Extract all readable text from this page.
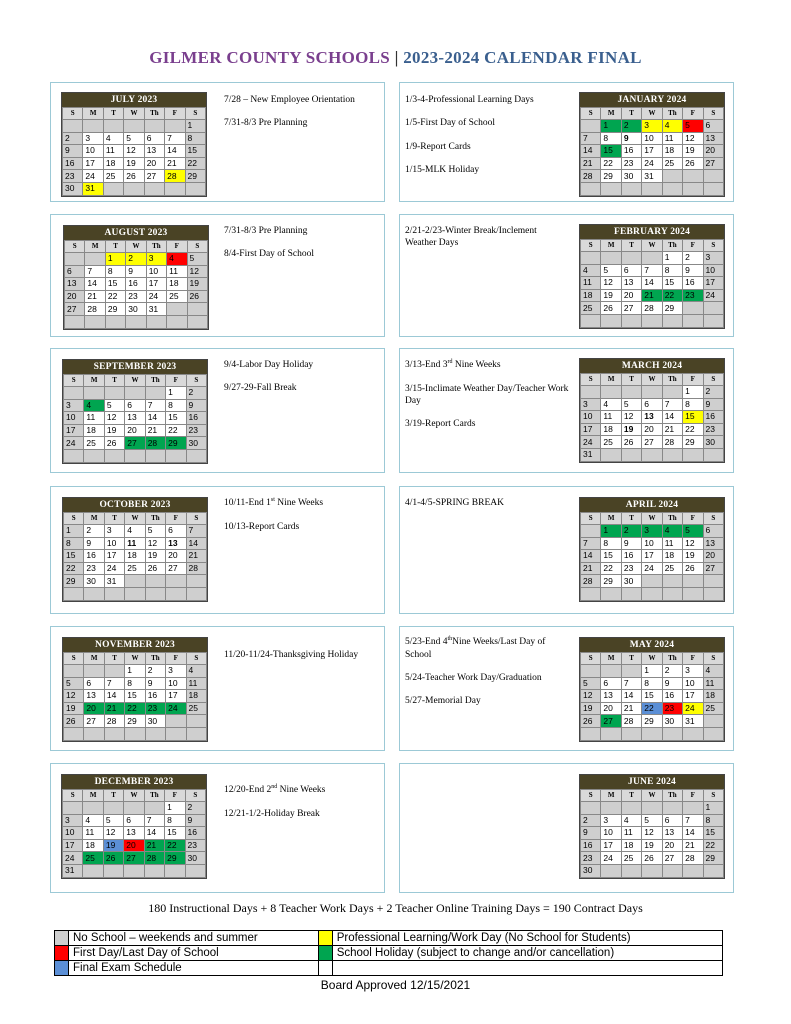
GILMER COUNTY SCHOOLS | 2023-2024 CALENDAR FINAL
JULY 2023
S	M	T	W	Th	F	S
						1
2	3	4	5	6	7	8
9	10	11	12	13	14	15
16	17	18	19	20	21	22
23	24	25	26	27	28	29
30	31					

7/28 – New Employee Orientation

7/31-8/3 Pre Planning

1/3-4-Professional Learning Days

1/5-First Day of School

1/9-Report Cards

1/15-MLK Holiday

JANUARY 2024
S	M	T	W	Th	F	S
	1	2	3	4	5	6
7	8	9	10	11	12	13
14	15	16	17	18	19	20
21	22	23	24	25	26	27
28	29	30	31			

AUGUST 2023
S	M	T	W	Th	F	S
		1	2	3	4	5
6	7	8	9	10	11	12
13	14	15	16	17	18	19
20	21	22	23	24	25	26
27	28	29	30	31		

7/31-8/3 Pre Planning

8/4-First Day of School

2/21-2/23-Winter Break/Inclement Weather Days

FEBRUARY 2024
S	M	T	W	Th	F	S
				1	2	3
4	5	6	7	8	9	10
11	12	13	14	15	16	17
18	19	20	21	22	23	24
25	26	27	28	29		

SEPTEMBER 2023
S	M	T	W	Th	F	S
					1	2
3	4	5	6	7	8	9
10	11	12	13	14	15	16
17	18	19	20	21	22	23
24	25	26	27	28	29	30

9/4-Labor Day Holiday

9/27-29-Fall Break

3/13-End 3rd Nine Weeks

3/15-Inclimate Weather Day/Teacher Work Day

3/19-Report Cards

MARCH 2024
S	M	T	W	Th	F	S
					1	2
3	4	5	6	7	8	9
10	11	12	13	14	15	16
17	18	19	20	21	22	23
24	25	26	27	28	29	30
31						
OCTOBER 2023
S	M	T	W	Th	F	S
1	2	3	4	5	6	7
8	9	10	11	12	13	14
15	16	17	18	19	20	21
22	23	24	25	26	27	28
29	30	31				

10/11-End 1st Nine Weeks

10/13-Report Cards

4/1-4/5-SPRING BREAK	APRIL 2024
S	M	T	W	Th	F	S
	1	2	3	4	5	6
7	8	9	10	11	12	13
14	15	16	17	18	19	20
21	22	23	24	25	26	27
28	29	30				

NOVEMBER 2023
S	M	T	W	Th	F	S
			1	2	3	4
5	6	7	8	9	10	11
12	13	14	15	16	17	18
19	20	21	22	23	24	25
26	27	28	29	30		

11/20-11/24-Thanksgiving Holiday

5/23-End 4thNine Weeks/Last Day of School

5/24-Teacher Work Day/Graduation

5/27-Memorial Day

MAY 2024
S	M	T	W	Th	F	S
			1	2	3	4
5	6	7	8	9	10	11
12	13	14	15	16	17	18
19	20	21	22	23	24	25
26	27	28	29	30	31	

DECEMBER 2023
S	M	T	W	Th	F	S
					1	2
3	4	5	6	7	8	9
10	11	12	13	14	15	16
17	18	19	20	21	22	23
24	25	26	27	28	29	30
31						

12/20-End 2nd Nine Weeks

12/21-1/2-Holiday Break

JUNE 2024
S	M	T	W	Th	F	S
						1
2	3	4	5	6	7	8
9	10	11	12	13	14	15
16	17	18	19	20	21	22
23	24	25	26	27	28	29
30						
180 Instructional Days + 8 Teacher Work Days + 2 Teacher Online Training Days = 190 Contract Days
	No School – weekends and summer		Professional Learning/Work Day (No School for Students)
	First Day/Last Day of School		School Holiday (subject to change and/or cancellation)
	Final Exam Schedule		
Board Approved 12/15/2021
